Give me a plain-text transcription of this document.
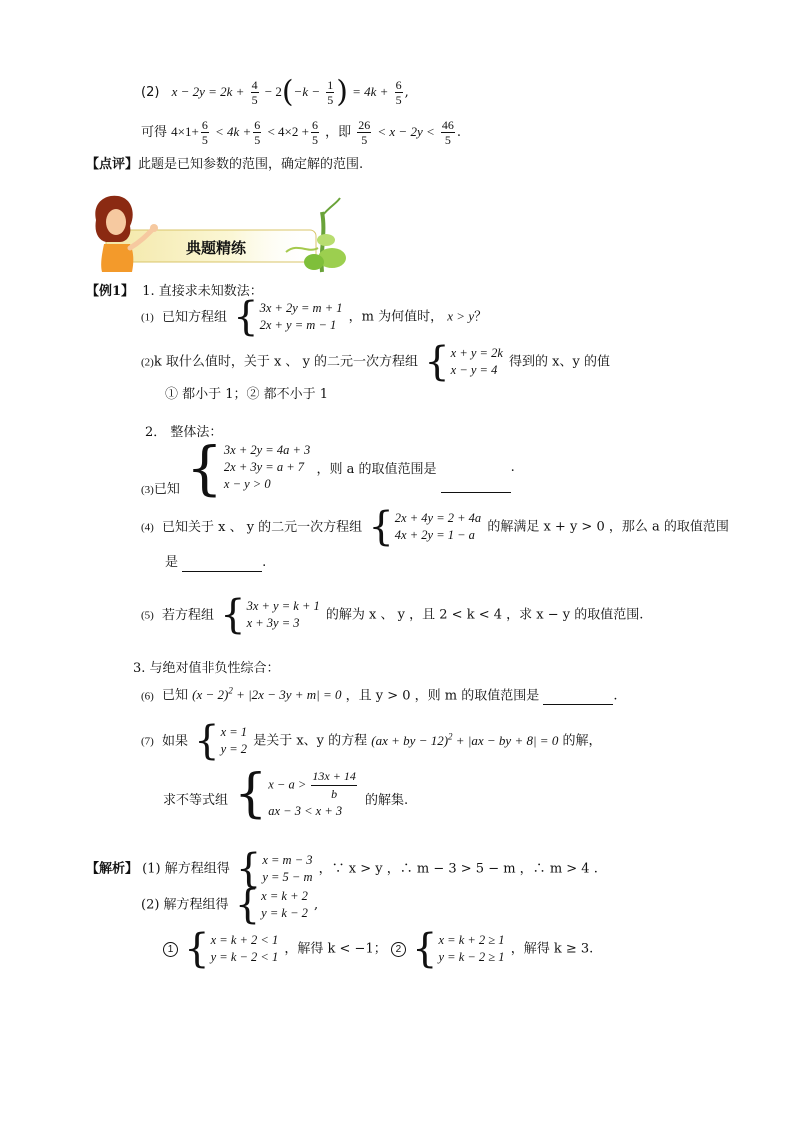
(2) $x - 2y = 2k + \frac{4}{5} - 2(-k - \frac{1}{5}$ ) = $4k + \frac{6}{5}$ ,
可得 $4\times 1+ \frac{6}{5} < 4k + \frac{6}{5} < 4\times 2 + \frac{6}{5}$ ，即 $\frac{26}{5} < x - 2y < \frac{46}{5}$ .
【点评】此题是已知参数的范围，确定解的范围.
典题精练
【例1】 1. 直接求未知数法：
(1) 已知方程组 { 3x + 2y = m + 1
2x + y = m − 1
，m 为何值时， x > y？
(2)k 取什么值时，关于 x 、 y 的二元一次方程组 { x + y = 2k
x − y = 4
得到的 x、y 的值
① 都小于 1；② 都不小于 1
2． 整体法：
$_{(3)}$已知 { 3x + 2y = 4a + 3
2x + 3y = a + 7
x − y > 0
，则 a 的取值范围是	.
(4) 已知关于 x 、 y 的二元一次方程组 { 2x + 4y = 2 + 4a
4x + 2y = 1 − a
的解满足 x + y > 0 ，那么 a 的取值范围
是	.
(5) 若方程组 { 3x + y = k + 1
x + 3y = 3
的解为 x 、 y ，且 2 < k < 4 ，求 x − y 的取值范围.
3. 与绝对值非负性综合：
(6) 已知 $(x - 2)^2 + |2x - 3y + m| = 0$ ，且 y > 0 ，则 m 的取值范围是	.
(7) 如果 { x = 1
y = 2
是关于 x、y 的方程 (ax + by − 12)$^2$ + |ax − by + 8| = 0 的解，
求不等式组 { $x - a > \frac{13x + 14}{b}$
ax − 3 < x + 3
的解集.
【解析】 (1) 解方程组得 { x = m − 3
y = 5 − m
，∵ x > y ，∴ m − 3 > 5 − m ，∴ m > 4 .
(2) 解方程组得 { x = k + 2
y = k − 2
,
1 { x = k + 2 < 1
y = k − 2 < 1
，解得 k < −1； 2 { x = k + 2 ≥ 1
y = k − 2 ≥ 1
，解得 k ≥ 3.
